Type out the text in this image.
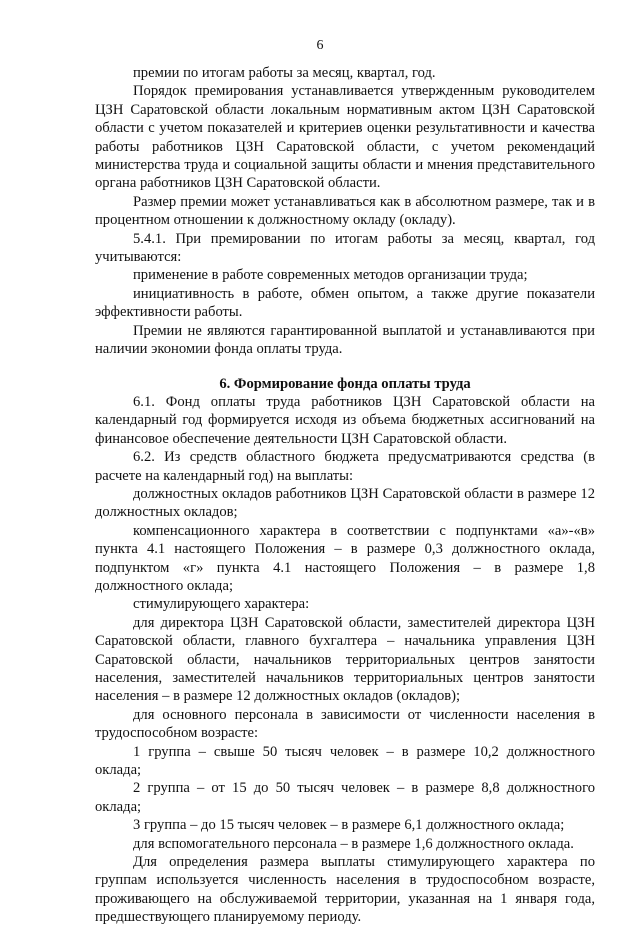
6

премии по итогам работы за месяц, квартал, год.

Порядок премирования устанавливается утвержденным руководителем ЦЗН Саратовской области локальным нормативным актом ЦЗН Саратовской области с учетом показателей и критериев оценки результативности и качества работы работников ЦЗН Саратовской области, с учетом рекомендаций министерства труда и социальной защиты области и мнения представительного органа работников ЦЗН Саратовской области.

Размер премии может устанавливаться как в абсолютном размере, так и в процентном отношении к должностному окладу (окладу).

5.4.1. При премировании по итогам работы за месяц, квартал, год учитываются:

применение в работе современных методов организации труда;

инициативность в работе, обмен опытом, а также другие показатели эффективности работы.

Премии не являются гарантированной выплатой и устанавливаются при наличии экономии фонда оплаты труда.

6. Формирование фонда оплаты труда

6.1. Фонд оплаты труда работников ЦЗН Саратовской области на календарный год формируется исходя из объема бюджетных ассигнований на финансовое обеспечение деятельности ЦЗН Саратовской области.

6.2. Из средств областного бюджета предусматриваются средства (в расчете на календарный год) на выплаты:

должностных окладов работников ЦЗН Саратовской области в размере 12 должностных окладов;

компенсационного характера в соответствии с подпунктами «а»-«в» пункта 4.1 настоящего Положения – в размере 0,3 должностного оклада, подпунктом «г» пункта 4.1 настоящего Положения – в размере 1,8 должностного оклада;

стимулирующего характера:

для директора ЦЗН Саратовской области, заместителей директора ЦЗН Саратовской области, главного бухгалтера – начальника управления ЦЗН Саратовской области, начальников территориальных центров занятости населения, заместителей начальников территориальных центров занятости населения – в размере 12 должностных окладов (окладов);

для основного персонала в зависимости от численности населения в трудоспособном возрасте:

1 группа – свыше 50 тысяч человек – в размере 10,2 должностного оклада;

2 группа – от 15 до 50 тысяч человек – в размере 8,8 должностного оклада;

3 группа – до 15 тысяч человек – в размере 6,1 должностного оклада;

для вспомогательного персонала – в размере 1,6 должностного оклада.

Для определения размера выплаты стимулирующего характера по группам используется численность населения в трудоспособном возрасте, проживающего на обслуживаемой территории, указанная на 1 января года, предшествующего планируемому периоду.
